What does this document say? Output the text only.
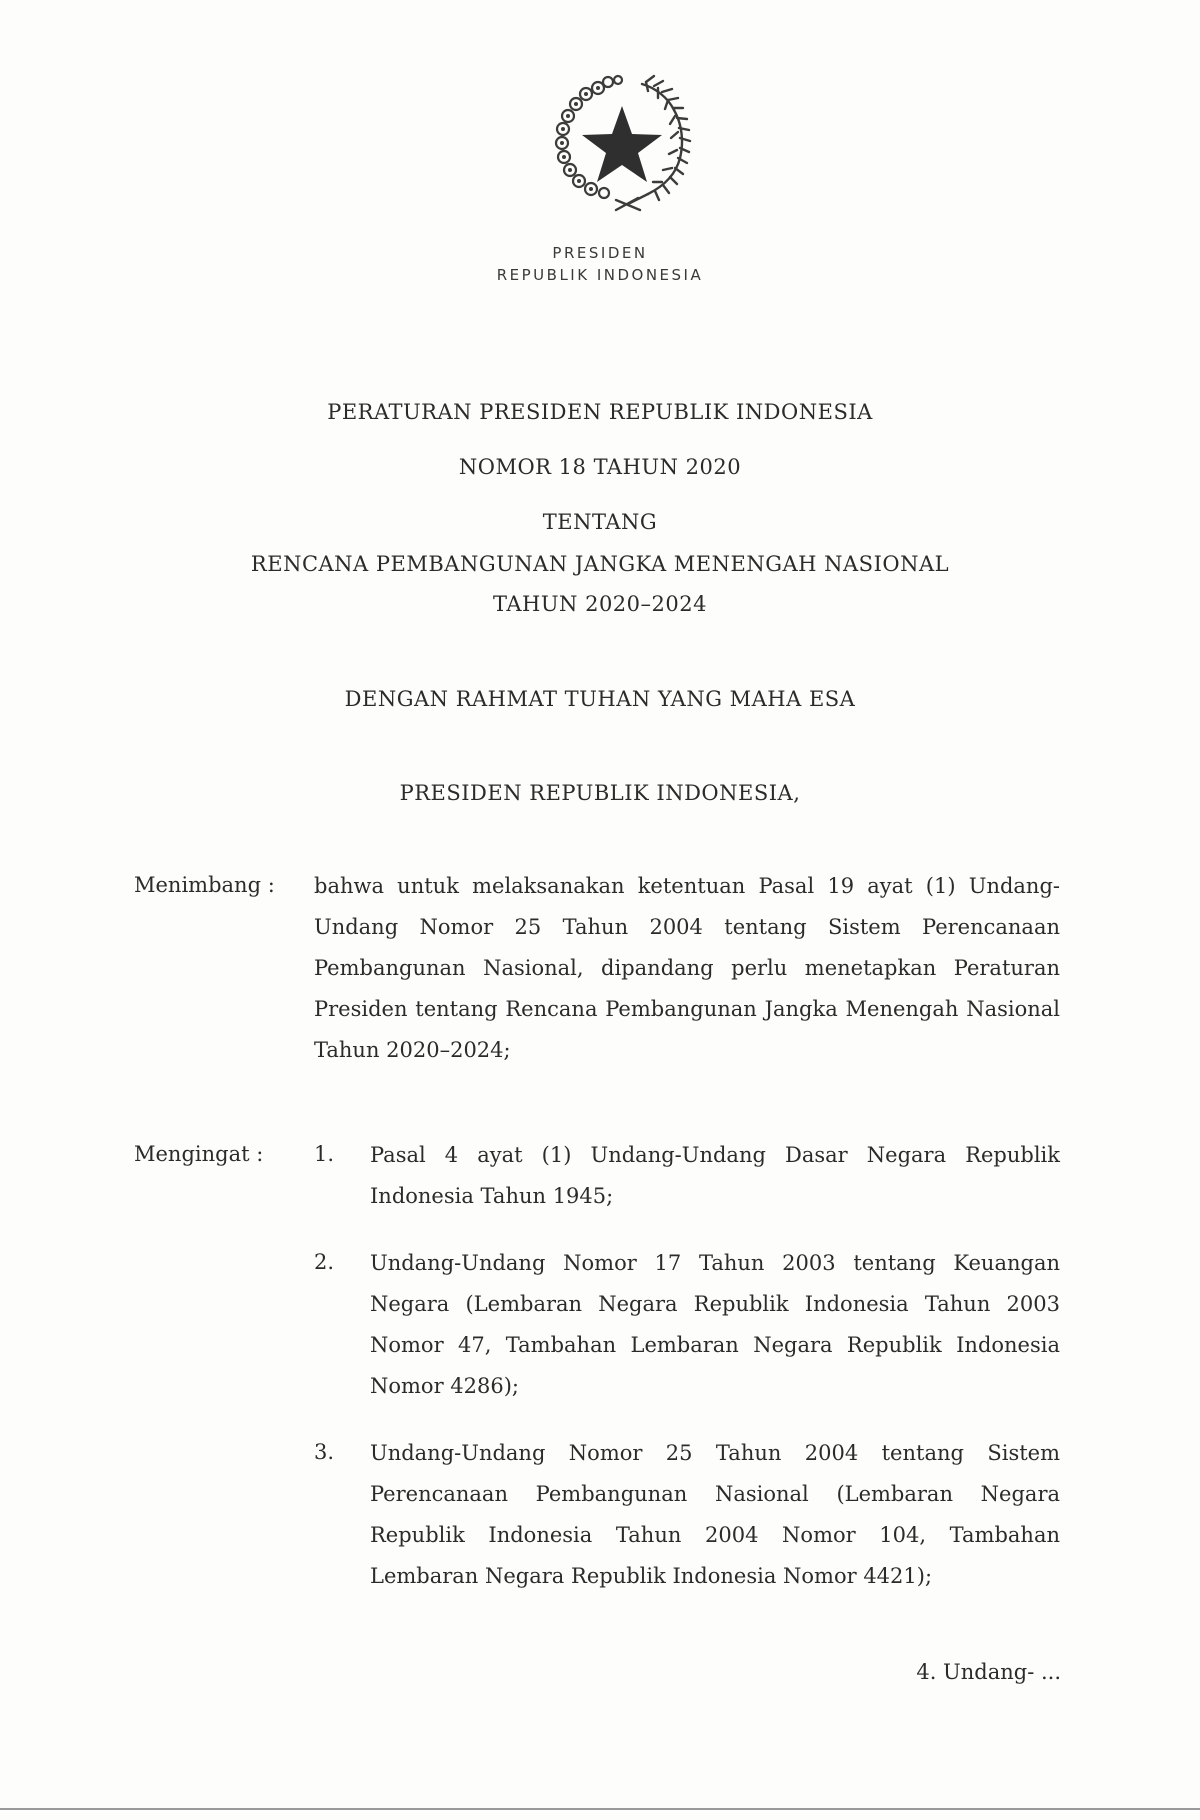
PRESIDEN
REPUBLIK INDONESIA
PERATURAN PRESIDEN REPUBLIK INDONESIA
NOMOR 18 TAHUN 2020
TENTANG
RENCANA PEMBANGUNAN JANGKA MENENGAH NASIONAL
TAHUN 2020–2024
DENGAN RAHMAT TUHAN YANG MAHA ESA
PRESIDEN REPUBLIK INDONESIA,
Menimbang : bahwa untuk melaksanakan ketentuan Pasal 19 ayat (1) Undang-Undang Nomor 25 Tahun 2004 tentang Sistem Perencanaan Pembangunan Nasional, dipandang perlu menetapkan Peraturan Presiden tentang Rencana Pembangunan Jangka Menengah Nasional Tahun 2020–2024;
Mengingat : 1. Pasal 4 ayat (1) Undang-Undang Dasar Negara Republik Indonesia Tahun 1945;
2. Undang-Undang Nomor 17 Tahun 2003 tentang Keuangan Negara (Lembaran Negara Republik Indonesia Tahun 2003 Nomor 47, Tambahan Lembaran Negara Republik Indonesia Nomor 4286);
3. Undang-Undang Nomor 25 Tahun 2004 tentang Sistem Perencanaan Pembangunan Nasional (Lembaran Negara Republik Indonesia Tahun 2004 Nomor 104, Tambahan Lembaran Negara Republik Indonesia Nomor 4421);
4. Undang- ...
